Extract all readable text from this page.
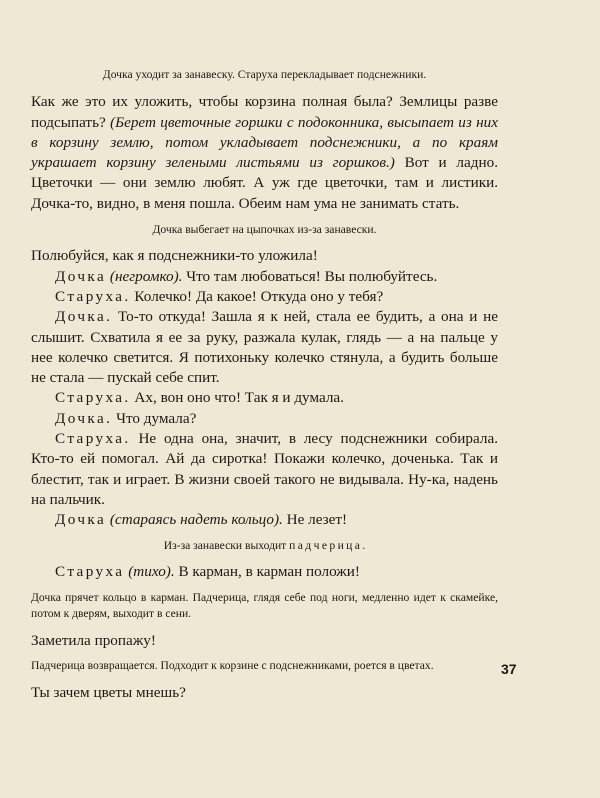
Дочка уходит за занавеску. Старуха перекладывает подснежники.

Как же это их уложить, чтобы корзина полная была? Землицы разве подсыпать? (Берет цветочные горшки с подоконника, высыпает из них в корзину землю, потом укладывает подснежники, а по краям украшает корзину зелеными листьями из горшков.) Вот и ладно. Цветочки — они землю любят. А уж где цветочки, там и листики. Дочка-то, видно, в меня пошла. Обеим нам ума не занимать стать.

Дочка выбегает на цыпочках из-за занавески.

Полюбуйся, как я подснежники-то уложила!

Дочка (негромко). Что там любоваться! Вы полюбуйтесь.

Старуха. Колечко! Да какое! Откуда оно у тебя?

Дочка. То-то откуда! Зашла я к ней, стала ее будить, а она и не слышит. Схватила я ее за руку, разжала кулак, глядь — а на пальце у нее колечко светится. Я потихоньку колечко стянула, а будить больше не стала — пускай себе спит.

Старуха. Ах, вон оно что! Так я и думала.

Дочка. Что думала?

Старуха. Не одна она, значит, в лесу подснежники собирала. Кто-то ей помогал. Ай да сиротка! Покажи колечко, доченька. Так и блестит, так и играет. В жизни своей такого не видывала. Ну-ка, надень на пальчик.

Дочка (стараясь надеть кольцо). Не лезет!

Из-за занавески выходит падчерица.

Старуха (тихо). В карман, в карман положи!

Дочка прячет кольцо в карман. Падчерица, глядя себе под ноги, медленно идет к скамейке, потом к дверям, выходит в сени.

Заметила пропажу!

Падчерица возвращается. Подходит к корзине с подснежниками, роется в цветах.

Ты зачем цветы мнешь?

37
